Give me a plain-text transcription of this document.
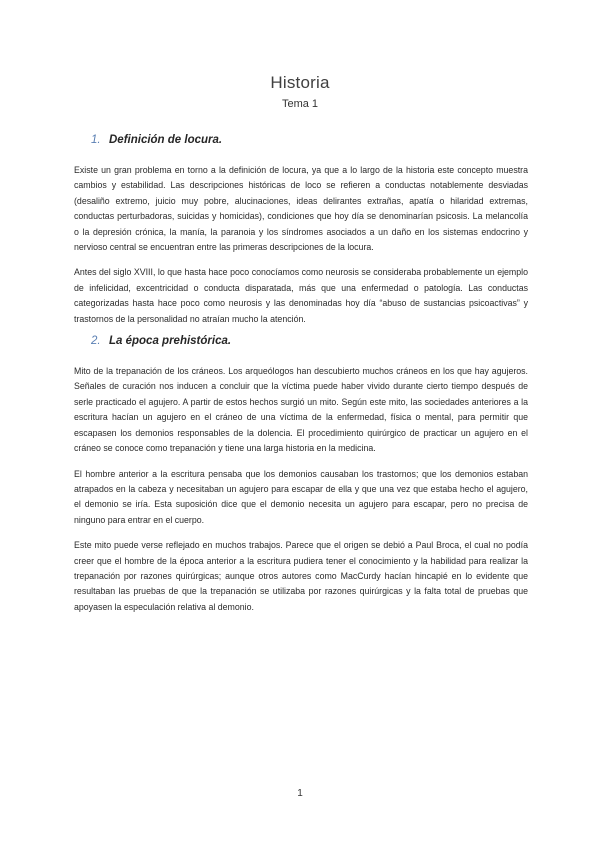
Historia
Tema 1
1. Definición de locura.

Existe un gran problema en torno a la definición de locura, ya que a lo largo de la historia este concepto muestra cambios y estabilidad. Las descripciones históricas de loco se refieren a conductas notablemente desviadas (desaliño extremo, juicio muy pobre, alucinaciones, ideas delirantes extrañas, apatía o hilaridad extremas, conductas perturbadoras, suicidas y homicidas), condiciones que hoy día se denominarían psicosis. La melancolía o la depresión crónica, la manía, la paranoia y los síndromes asociados a un daño en los sistemas endocrino y nervioso central se encuentran entre las primeras descripciones de la locura.

Antes del siglo XVIII, lo que hasta hace poco conocíamos como neurosis se consideraba probablemente un ejemplo de infelicidad, excentricidad o conducta disparatada, más que una enfermedad o patología. Las conductas categorizadas hasta hace poco como neurosis y las denominadas hoy día “abuso de sustancias psicoactivas” y trastornos de la personalidad no atraían mucho la atención.

2. La época prehistórica.

Mito de la trepanación de los cráneos. Los arqueólogos han descubierto muchos cráneos en los que hay agujeros. Señales de curación nos inducen a concluir que la víctima puede haber vivido durante cierto tiempo después de serle practicado el agujero. A partir de estos hechos surgió un mito. Según este mito, las sociedades anteriores a la escritura hacían un agujero en el cráneo de una víctima de la enfermedad, física o mental, para permitir que escapasen los demonios responsables de la dolencia. El procedimiento quirúrgico de practicar un agujero en el cráneo se conoce como trepanación y tiene una larga historia en la medicina.

El hombre anterior a la escritura pensaba que los demonios causaban los trastornos; que los demonios estaban atrapados en la cabeza y necesitaban un agujero para escapar de ella y que una vez que estaba hecho el agujero, el demonio se iría. Esta suposición dice que el demonio necesita un agujero para escapar, pero no precisa de ninguno para entrar en el cuerpo.

Este mito puede verse reflejado en muchos trabajos. Parece que el origen se debió a Paul Broca, el cual no podía creer que el hombre de la época anterior a la escritura pudiera tener el conocimiento y la habilidad para realizar la trepanación por razones quirúrgicas; aunque otros autores como MacCurdy hacían hincapié en lo evidente que resultaban las pruebas de que la trepanación se utilizaba por razones quirúrgicas y la falta total de pruebas que apoyasen la especulación relativa al demonio.

1
